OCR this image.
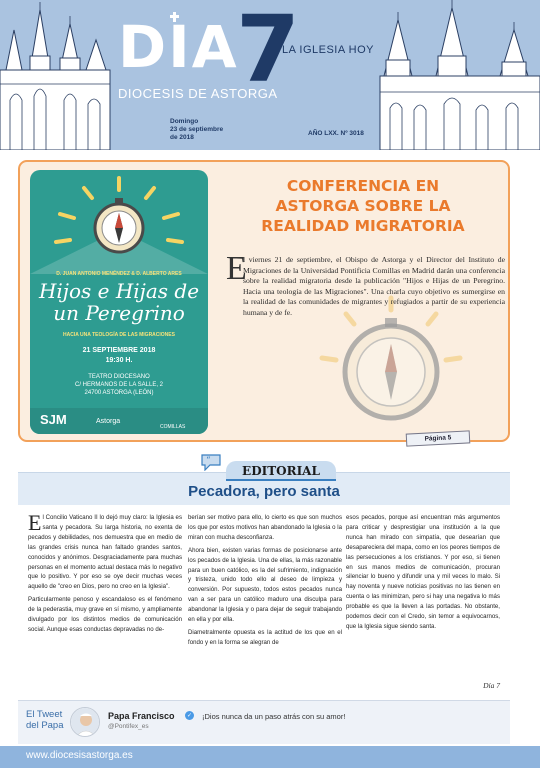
DIA
7
LA IGLESIA HOY
DIOCESIS DE ASTORGA
Domingo
23 de septiembre
de 2018
AÑO LXX. Nº 3018
D. JUAN ANTONIO MENÉNDEZ & D. ALBERTO ARES
Hijos e Hijas de
un Peregrino
HACIA UNA TEOLOGÍA DE LAS MIGRACIONES
21 SEPTIEMBRE 2018
19:30 H.
TEATRO DIOCESANO
C/ HERMANOS DE LA SALLE, 2
24700 ASTORGA (LEÓN)
SJM	Astorga
COMILLAS
CONFERENCIA EN
ASTORGA SOBRE LA
REALIDAD MIGRATORIA
E

l viernes 21 de septiembre, el Obispo de Astorga y el Director del Instituto de Migraciones de la Universidad Pontificia Comillas en Madrid darán una conferencia sobre la realidad migratoria desde la publicación "Hijos e Hijas de un Peregrino. Hacia una teología de las Migraciones". Una charla cuyo objetivo es sumergirse en la realidad de las comunidades de migrantes y refugiados a partir de su experiencia humana y de fe.

Página 5
“
EDITORIAL
Pecadora, pero santa

El Concilio Vaticano II lo dejó muy claro: la Iglesia es santa y pecadora. Su larga historia, no exenta de pecados y debilidades, nos demuestra que en medio de las grandes crisis nunca han faltado grandes santos, conocidos y anónimos. Desgraciadamente para muchas personas en el momento actual destaca más lo negativo que lo positivo. Y por eso se oye decir muchas veces aquello de "creo en Dios, pero no creo en la Iglesia".

Particularmente penoso y escandaloso es el fenómeno de la pederastia, muy grave en sí mismo, y ampliamente divulgado por los distintos medios de comunicación social. Aunque esas conductas depravadas no de-

berían ser motivo para ello, lo cierto es que son muchos los que por estos motivos han abandonado la Iglesia o la miran con mucha desconfianza.

Ahora bien, existen varias formas de posicionarse ante los pecados de la Iglesia. Una de ellas, la más razonable para un buen católico, es la del sufrimiento, indignación y tristeza, unido todo ello al deseo de limpieza y conversión. Por supuesto, todos estos pecados nunca van a ser para un católico maduro una disculpa para abandonar la Iglesia y o para dejar de seguir trabajando en ella y por ella.

Diametralmente opuesta es la actitud de los que en el fondo y en la forma se alegran de

esos pecados, porque así encuentran más argumentos para criticar y desprestigiar una institución a la que nunca han mirado con simpatía, que desearían que desapareciera del mapa, como en los peores tiempos de las persecuciones a los cristianos. Y por eso, si tienen en sus manos medios de comunicación, procuran silenciar lo bueno y difundir una y mil veces lo malo. Si hay noventa y nueve noticias positivas no las tienen en cuenta o las minimizan, pero si hay una negativa lo más probable es que la lleven a las portadas. No obstante, podemos decir con el Credo, sin temor a equivocarnos, que la Iglesia sigue siendo santa.

Día 7
El Tweet
del Papa
Papa Francisco	✓
@Pontifex_es
¡Dios nunca da un paso atrás con su amor!
www.diocesisastorga.es
